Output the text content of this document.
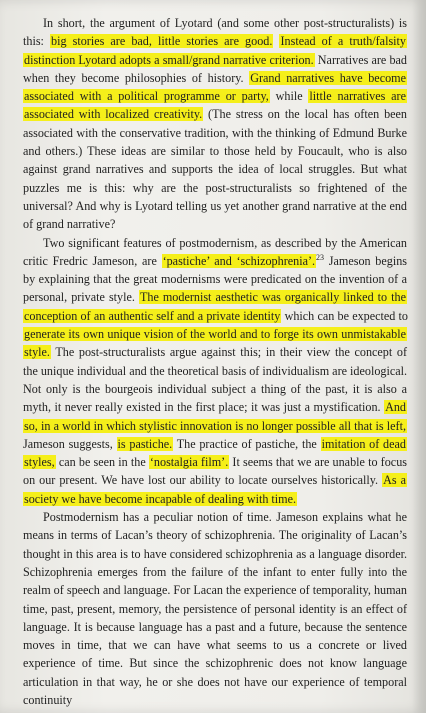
In short, the argument of Lyotard (and some other post-structuralists) is this: big stories are bad, little stories are good. Instead of a truth/falsity distinction Lyotard adopts a small/grand narrative criterion. Narratives are bad when they become philosophies of history. Grand narratives have become associated with a political programme or party, while little narratives are associated with localized creativity. (The stress on the local has often been associated with the conservative tradition, with the thinking of Edmund Burke and others.) These ideas are similar to those held by Foucault, who is also against grand narratives and supports the idea of local struggles. But what puzzles me is this: why are the post-structuralists so frightened of the universal? And why is Lyotard telling us yet another grand narrative at the end of grand narrative?

Two significant features of postmodernism, as described by the American critic Fredric Jameson, are ‘pastiche’ and ‘schizophrenia’.$^{23}$ Jameson begins by explaining that the great modernisms were predicated on the invention of a personal, private style. The modernist aesthetic was organically linked to the conception of an authentic self and a private identity which can be expected to generate its own unique vision of the world and to forge its own unmistakable style. The post-structuralists argue against this; in their view the concept of the unique individual and the theoretical basis of individualism are ideological. Not only is the bourgeois individual subject a thing of the past, it is also a myth, it never really existed in the first place; it was just a mystification. And so, in a world in which stylistic innovation is no longer possible all that is left, Jameson suggests, is pastiche. The practice of pastiche, the imitation of dead styles, can be seen in the ‘nostalgia film’. It seems that we are unable to focus on our present. We have lost our ability to locate ourselves historically. As a society we have become incapable of dealing with time.

Postmodernism has a peculiar notion of time. Jameson explains what he means in terms of Lacan’s theory of schizophrenia. The originality of Lacan’s thought in this area is to have considered schizophrenia as a language disorder. Schizophrenia emerges from the failure of the infant to enter fully into the realm of speech and language. For Lacan the experience of temporality, human time, past, present, memory, the persistence of personal identity is an effect of language. It is because language has a past and a future, because the sentence moves in time, that we can have what seems to us a concrete or lived experience of time. But since the schizophrenic does not know language articulation in that way, he or she does not have our experience of temporal continuity
